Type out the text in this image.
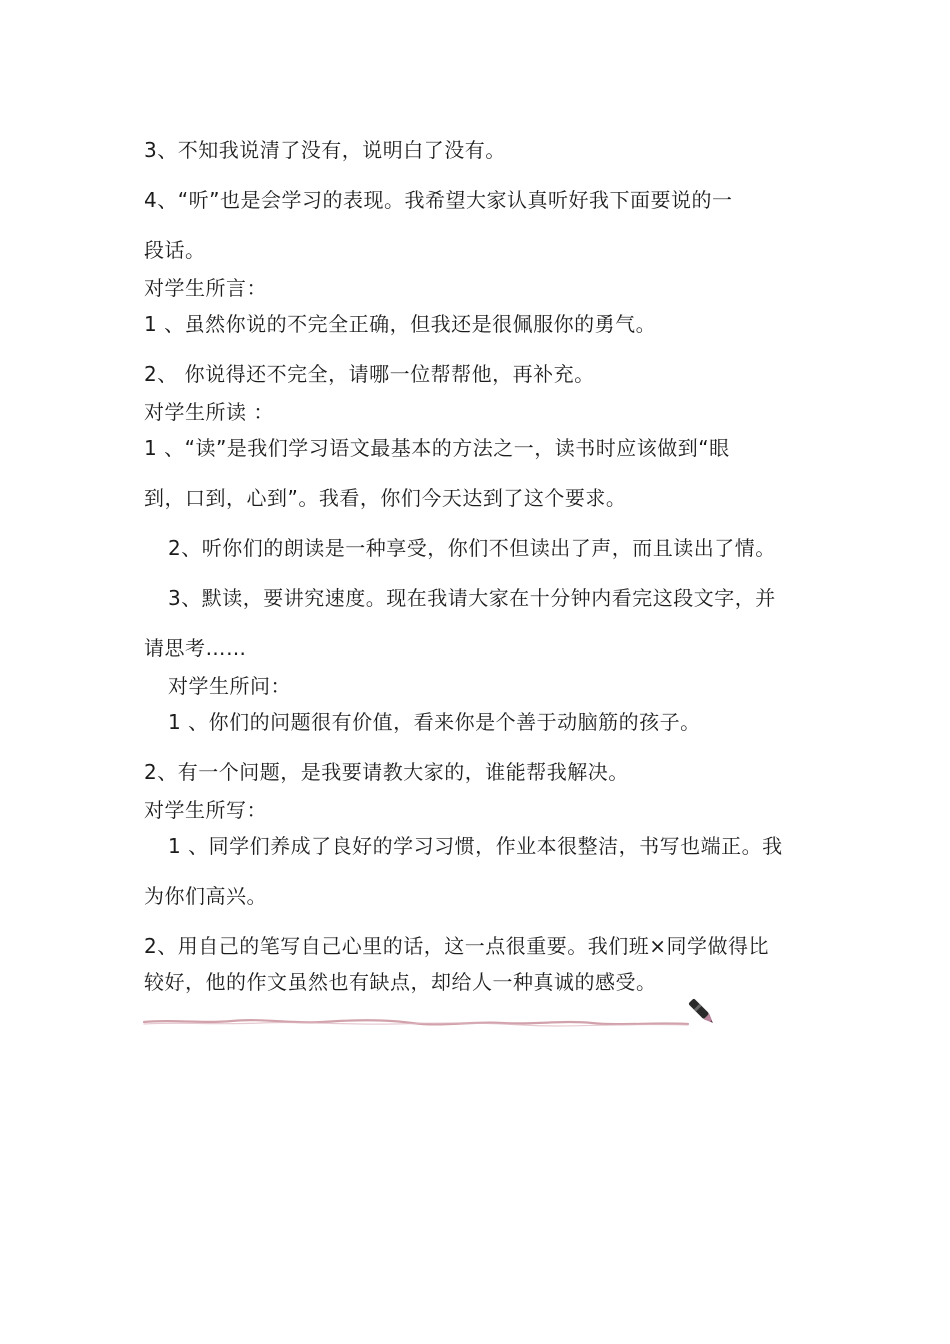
3、不知我说清了没有，说明白了没有。
4、“听”也是会学习的表现。我希望大家认真听好我下面要说的一
段话。
对学生所言：
1 、虽然你说的不完全正确，但我还是很佩服你的勇气。
2、 你说得还不完全，请哪一位帮帮他，再补充。
对学生所读 ：
1 、“读”是我们学习语文最基本的方法之一，读书时应该做到“眼
到，口到，心到”。我看，你们今天达到了这个要求。
2、听你们的朗读是一种享受，你们不但读出了声，而且读出了情。
3、默读，要讲究速度。现在我请大家在十分钟内看完这段文字，并
请思考……
对学生所问：
1 、你们的问题很有价值，看来你是个善于动脑筋的孩子。
2、有一个问题，是我要请教大家的，谁能帮我解决。
对学生所写：
1 、同学们养成了良好的学习习惯，作业本很整洁，书写也端正。我
为你们高兴。
2、用自己的笔写自己心里的话，这一点很重要。我们班×同学做得比
较好，他的作文虽然也有缺点，却给人一种真诚的感受。
